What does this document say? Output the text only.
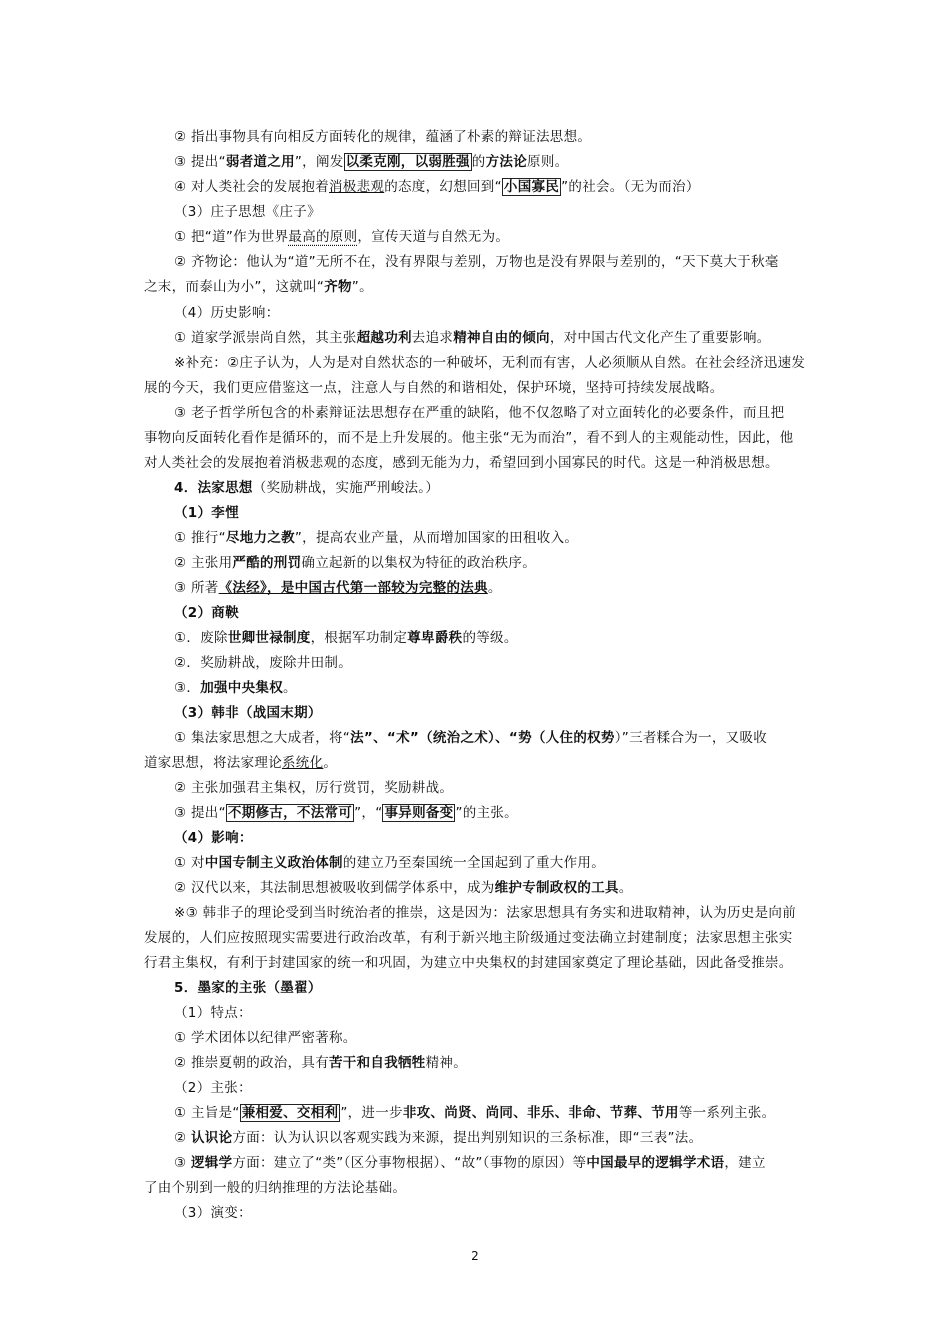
② 指出事物具有向相反方面转化的规律，蕴涵了朴素的辩证法思想。
③ 提出“弱者道之用”，阐发 以柔克刚，以弱胜强 的方法论原则。
④ 对人类社会的发展抱着消极悲观的态度，幻想回到“ 小国寡民 ”的社会。（无为而治）
（3）庄子思想《庄子》
① 把“道”作为世界最高的原则，宣传天道与自然无为。
② 齐物论：他认为“道”无所不在，没有界限与差别，万物也是没有界限与差别的，“天下莫大于秋毫
之末，而泰山为小”，这就叫“齐物”。
（4）历史影响：
① 道家学派崇尚自然，其主张超越功利去追求精神自由的倾向，对中国古代文化产生了重要影响。
※补充：②庄子认为，人为是对自然状态的一种破坏，无利而有害，人必须顺从自然。在社会经济迅速发
展的今天，我们更应借鉴这一点，注意人与自然的和谐相处，保护环境，坚持可持续发展战略。
③ 老子哲学所包含的朴素辩证法思想存在严重的缺陷，他不仅忽略了对立面转化的必要条件，而且把
事物向反面转化看作是循环的，而不是上升发展的。他主张“无为而治”，看不到人的主观能动性，因此，他
对人类社会的发展抱着消极悲观的态度，感到无能为力，希望回到小国寡民的时代。这是一种消极思想。
4．法家思想（奖励耕战，实施严刑峻法。）
（1）李悝
① 推行“尽地力之教”，提高农业产量，从而增加国家的田租收入。
② 主张用严酷的刑罚确立起新的以集权为特征的政治秩序。
③ 所著《法经》，是中国古代第一部较为完整的法典。
（2）商鞅
①．废除世卿世禄制度，根据军功制定尊卑爵秩的等级。
②．奖励耕战，废除井田制。
③．加强中央集权。
（3）韩非（战国末期）
① 集法家思想之大成者，将“法”、“术”（统治之术）、“势（人住的权势）”三者糅合为一，又吸收
道家思想，将法家理论系统化。
② 主张加强君主集权，厉行赏罚，奖励耕战。
③ 提出“ 不期修古，不法常可 ”，“ 事异则备变 ”的主张。
（4）影响：
① 对中国专制主义政治体制的建立乃至秦国统一全国起到了重大作用。
② 汉代以来，其法制思想被吸收到儒学体系中，成为维护专制政权的工具。
※③ 韩非子的理论受到当时统治者的推崇，这是因为：法家思想具有务实和进取精神，认为历史是向前
发展的，人们应按照现实需要进行政治改革，有利于新兴地主阶级通过变法确立封建制度；法家思想主张实
行君主集权，有利于封建国家的统一和巩固，为建立中央集权的封建国家奠定了理论基础，因此备受推崇。
5．墨家的主张（墨翟）
（1）特点：
① 学术团体以纪律严密著称。
② 推崇夏朝的政治，具有苦干和自我牺牲精神。
（2）主张：
① 主旨是“ 兼相爱、交相利 ”，进一步非攻、尚贤、尚同、非乐、非命、节葬、节用等一系列主张。
② 认识论方面：认为认识以客观实践为来源，提出判别知识的三条标准，即“三表”法。
③ 逻辑学方面：建立了“类”（区分事物根据）、“故”（事物的原因）等中国最早的逻辑学术语，建立
了由个别到一般的归纳推理的方法论基础。
（3）演变：
2
